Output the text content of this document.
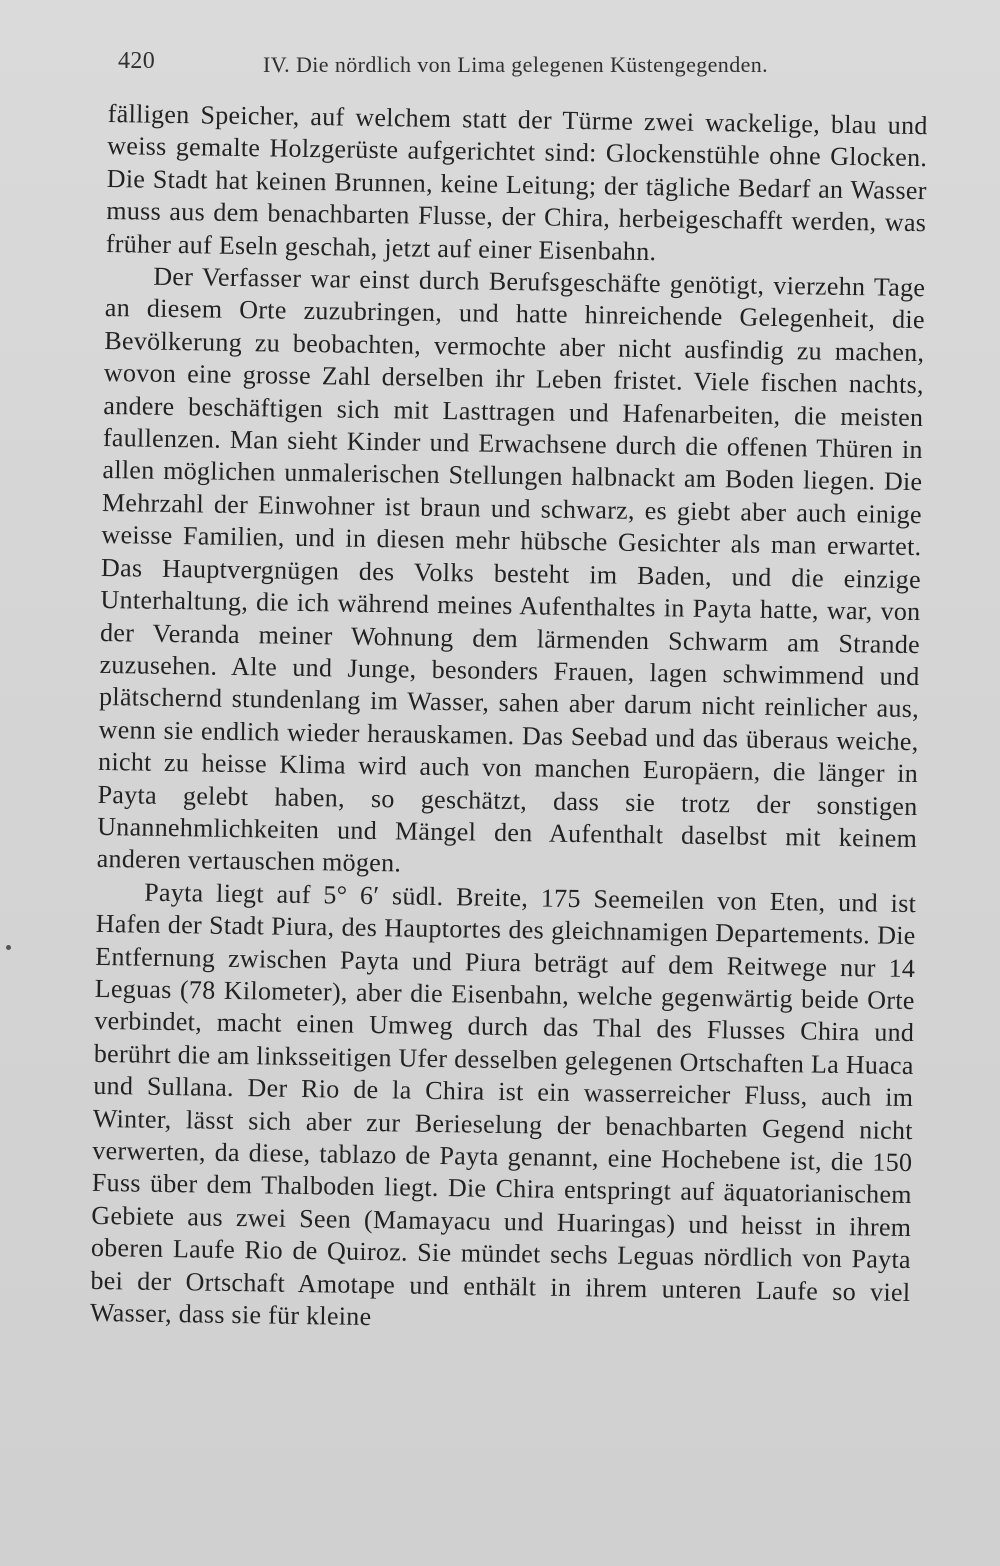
420	IV. Die nördlich von Lima gelegenen Küstengegenden.

fälligen Speicher, auf welchem statt der Türme zwei wackelige, blau und weiss gemalte Holzgerüste aufgerichtet sind: Glockenstühle ohne Glocken. Die Stadt hat keinen Brunnen, keine Leitung; der tägliche Bedarf an Wasser muss aus dem benachbarten Flusse, der Chira, herbeigeschafft werden, was früher auf Eseln geschah, jetzt auf einer Eisenbahn.

Der Verfasser war einst durch Berufsgeschäfte genötigt, vierzehn Tage an diesem Orte zuzubringen, und hatte hinreichende Gelegenheit, die Bevölkerung zu beobachten, vermochte aber nicht ausfindig zu machen, wovon eine grosse Zahl derselben ihr Leben fristet. Viele fischen nachts, andere beschäftigen sich mit Lasttragen und Hafenarbeiten, die meisten faullenzen. Man sieht Kinder und Erwachsene durch die offenen Thüren in allen möglichen unmalerischen Stellungen halbnackt am Boden liegen. Die Mehrzahl der Einwohner ist braun und schwarz, es giebt aber auch einige weisse Familien, und in diesen mehr hübsche Gesichter als man erwartet. Das Hauptvergnügen des Volks besteht im Baden, und die einzige Unterhaltung, die ich während meines Aufenthaltes in Payta hatte, war, von der Veranda meiner Wohnung dem lärmenden Schwarm am Strande zuzusehen. Alte und Junge, besonders Frauen, lagen schwimmend und plätschernd stundenlang im Wasser, sahen aber darum nicht reinlicher aus, wenn sie endlich wieder herauskamen. Das Seebad und das überaus weiche, nicht zu heisse Klima wird auch von manchen Europäern, die länger in Payta gelebt haben, so geschätzt, dass sie trotz der sonstigen Unannehmlichkeiten und Mängel den Aufenthalt daselbst mit keinem anderen vertauschen mögen.

Payta liegt auf 5° 6′ südl. Breite, 175 Seemeilen von Eten, und ist Hafen der Stadt Piura, des Hauptortes des gleichnamigen Departements. Die Entfernung zwischen Payta und Piura beträgt auf dem Reitwege nur 14 Leguas (78 Kilometer), aber die Eisenbahn, welche gegenwärtig beide Orte verbindet, macht einen Umweg durch das Thal des Flusses Chira und berührt die am linksseitigen Ufer desselben gelegenen Ortschaften La Huaca und Sullana. Der Rio de la Chira ist ein wasserreicher Fluss, auch im Winter, lässt sich aber zur Berieselung der benachbarten Gegend nicht verwerten, da diese, tablazo de Payta genannt, eine Hochebene ist, die 150 Fuss über dem Thalboden liegt. Die Chira entspringt auf äquatorianischem Gebiete aus zwei Seen (Mamayacu und Huaringas) und heisst in ihrem oberen Laufe Rio de Quiroz. Sie mündet sechs Leguas nördlich von Payta bei der Ortschaft Amotape und enthält in ihrem unteren Laufe so viel Wasser, dass sie für kleine
